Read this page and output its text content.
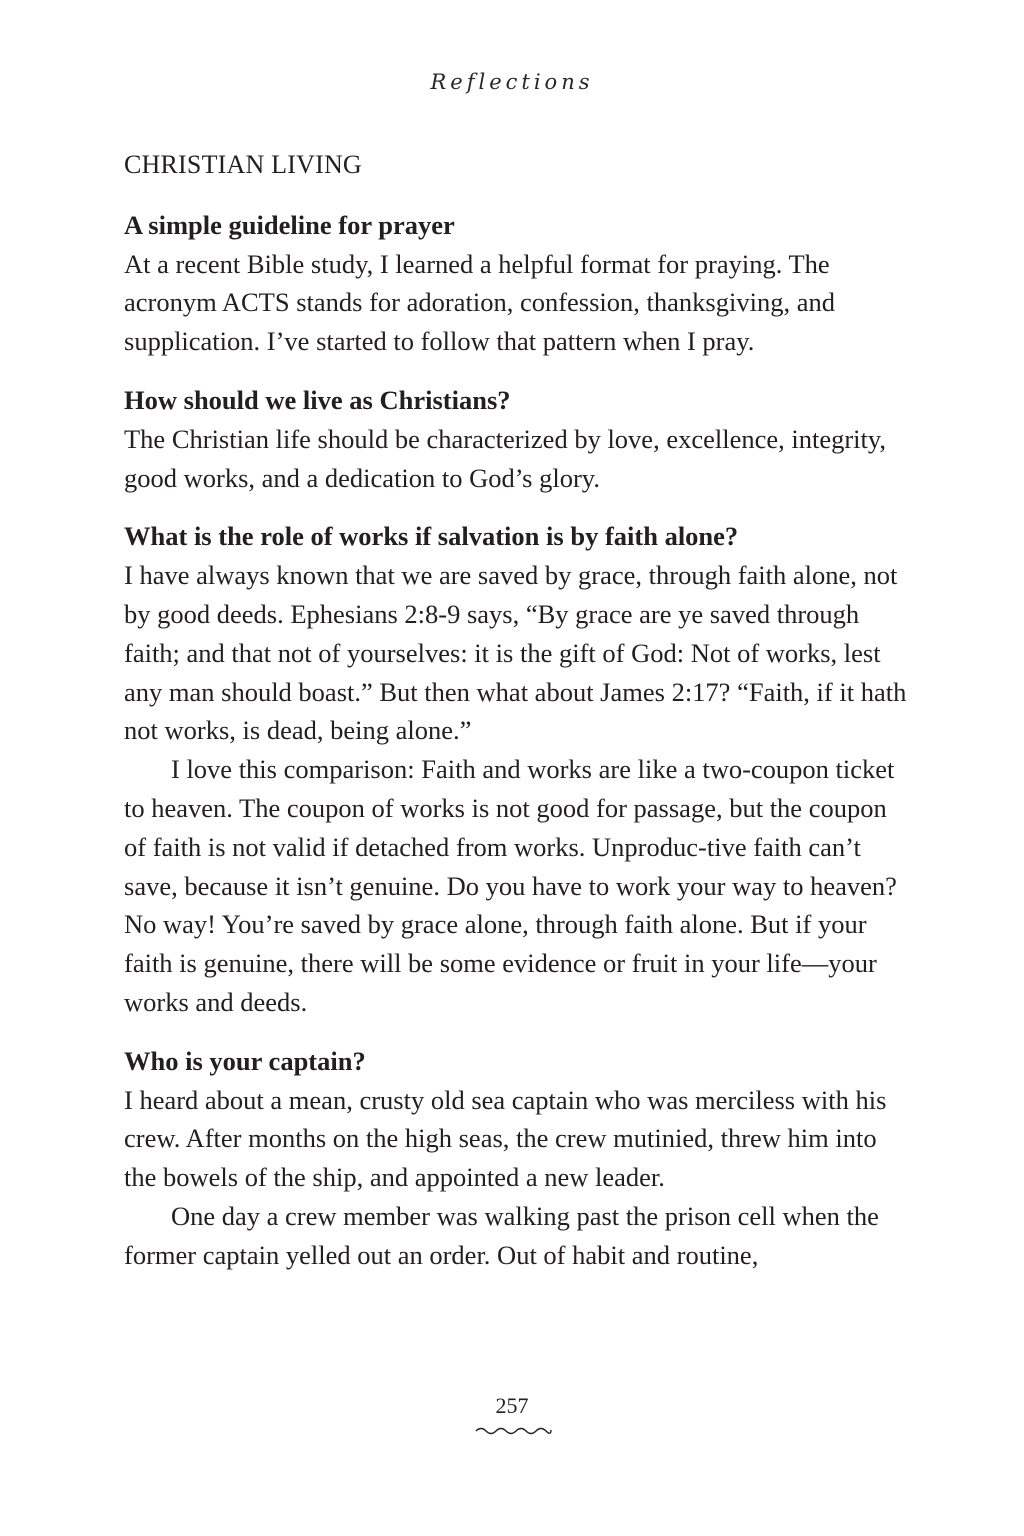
Reflections
CHRISTIAN LIVING
A simple guideline for prayer

At a recent Bible study, I learned a helpful format for praying. The acronym ACTS stands for adoration, confession, thanksgiving, and supplication. I’ve started to follow that pattern when I pray.

How should we live as Christians?

The Christian life should be characterized by love, excellence, integrity, good works, and a dedication to God’s glory.

What is the role of works if salvation is by faith alone?

I have always known that we are saved by grace, through faith alone, not by good deeds. Ephesians 2:8-9 says, “By grace are ye saved through faith; and that not of yourselves: it is the gift of God: Not of works, lest any man should boast.” But then what about James 2:17? “Faith, if it hath not works, is dead, being alone.”

I love this comparison: Faith and works are like a two-coupon ticket to heaven. The coupon of works is not good for passage, but the coupon of faith is not valid if detached from works. Unproduc-tive faith can’t save, because it isn’t genuine. Do you have to work your way to heaven? No way! You’re saved by grace alone, through faith alone. But if your faith is genuine, there will be some evidence or fruit in your life—your works and deeds.

Who is your captain?

I heard about a mean, crusty old sea captain who was merciless with his crew. After months on the high seas, the crew mutinied, threw him into the bowels of the ship, and appointed a new leader.

One day a crew member was walking past the prison cell when the former captain yelled out an order. Out of habit and routine,

257
